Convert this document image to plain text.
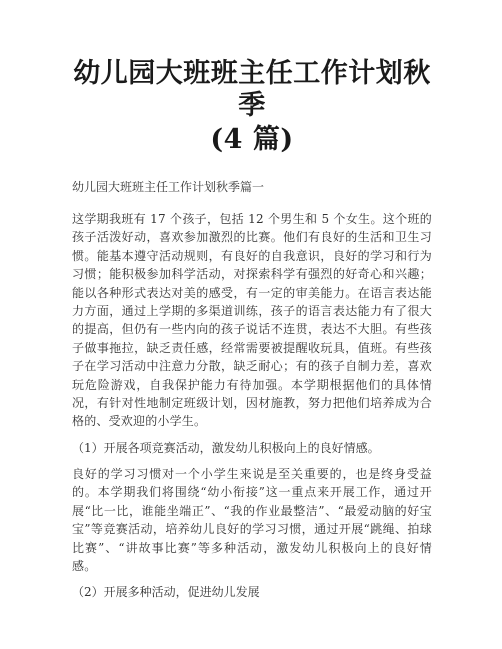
幼儿园大班班主任工作计划秋季
(4 篇)

幼儿园大班班主任工作计划秋季篇一

这学期我班有 17 个孩子，包括 12 个男生和 5 个女生。这个班的孩子活泼好动，喜欢参加激烈的比赛。他们有良好的生活和卫生习惯。能基本遵守活动规则，有良好的自我意识，良好的学习和行为习惯；能积极参加科学活动，对探索科学有强烈的好奇心和兴趣；能以各种形式表达对美的感受，有一定的审美能力。在语言表达能力方面，通过上学期的多渠道训练，孩子的语言表达能力有了很大的提高，但仍有一些内向的孩子说话不连贯，表达不大胆。有些孩子做事拖拉，缺乏责任感，经常需要被提醒收玩具，值班。有些孩子在学习活动中注意力分散，缺乏耐心；有的孩子自制力差，喜欢玩危险游戏，自我保护能力有待加强。本学期根据他们的具体情况，有针对性地制定班级计划，因材施教，努力把他们培养成为合格的、受欢迎的小学生。

（1）开展各项竞赛活动，激发幼儿积极向上的良好情感。

良好的学习习惯对一个小学生来说是至关重要的，也是终身受益的。本学期我们将围绕“幼小衔接”这一重点来开展工作，通过开展“比一比，谁能坐端正”、“我的作业最整洁”、“最爱动脑的好宝宝”等竞赛活动，培养幼儿良好的学习习惯，通过开展“跳绳、拍球比赛”、“讲故事比赛”等多种活动，激发幼儿积极向上的良好情感。

（2）开展多种活动，促进幼儿发展
